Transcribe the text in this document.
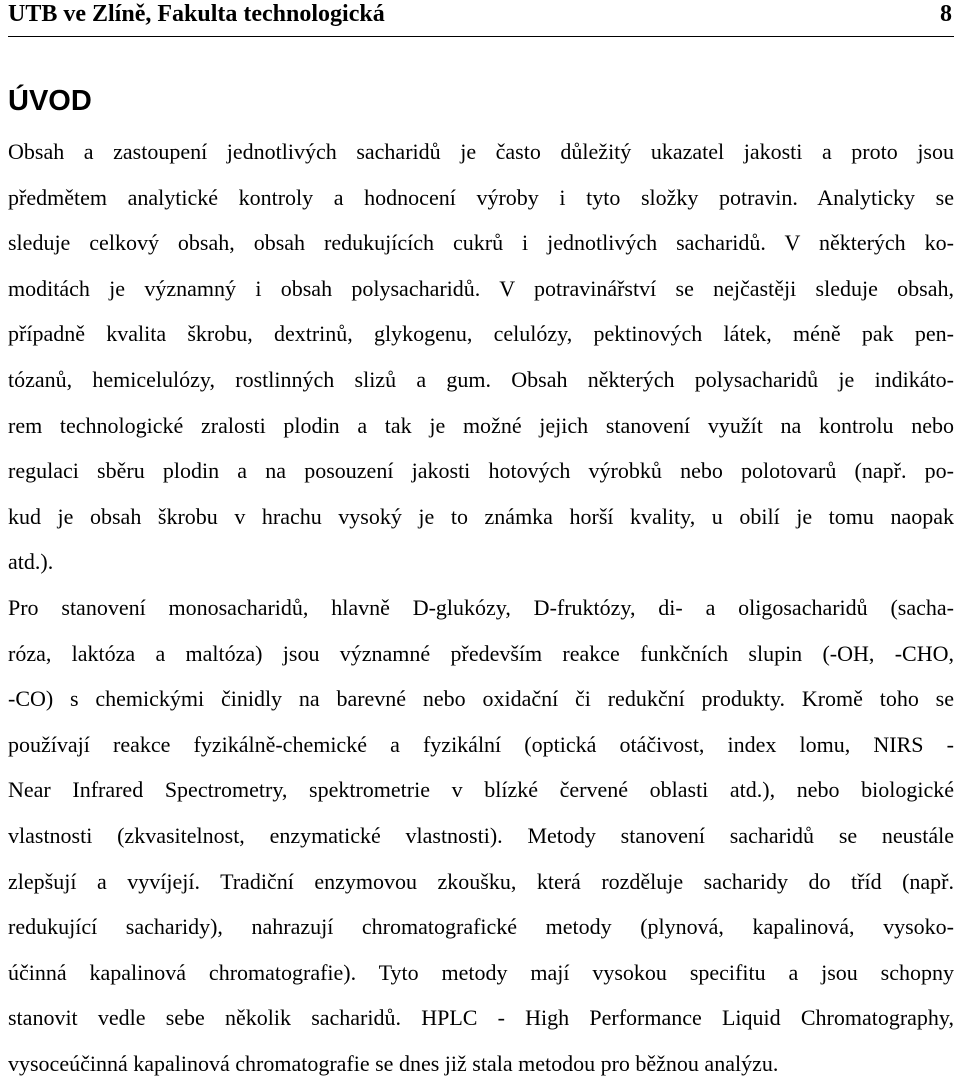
UTB ve Zlíně, Fakulta technologická	8
ÚVOD
Obsah a zastoupení jednotlivých sacharidů je často důležitý ukazatel jakosti a proto jsou
předmětem analytické kontroly a hodnocení výroby i tyto složky potravin. Analyticky se
sleduje celkový obsah, obsah redukujících cukrů i jednotlivých sacharidů. V některých ko-
moditách je významný i obsah polysacharidů. V potravinářství se nejčastěji sleduje obsah,
případně kvalita škrobu, dextrinů, glykogenu, celulózy, pektinových látek, méně pak pen-
tózanů, hemicelulózy, rostlinných slizů a gum. Obsah některých polysacharidů je indikáto-
rem technologické zralosti plodin a tak je možné jejich stanovení využít na kontrolu nebo
regulaci sběru plodin a na posouzení jakosti hotových výrobků nebo polotovarů (např. po-
kud je obsah škrobu v hrachu vysoký je to známka horší kvality, u obilí je tomu naopak
atd.).
Pro stanovení monosacharidů, hlavně D-glukózy, D-fruktózy, di- a oligosacharidů (sacha-
róza, laktóza a maltóza) jsou významné především reakce funkčních slupin (-OH, -CHO,
-CO) s chemickými činidly na barevné nebo oxidační či redukční produkty. Kromě toho se
používají reakce fyzikálně-chemické a fyzikální (optická otáčivost, index lomu, NIRS -
Near Infrared Spectrometry, spektrometrie v blízké červené oblasti atd.), nebo biologické
vlastnosti (zkvasitelnost, enzymatické vlastnosti). Metody stanovení sacharidů se neustále
zlepšují a vyvíjejí. Tradiční enzymovou zkoušku, která rozděluje sacharidy do tříd (např.
redukující sacharidy), nahrazují chromatografické metody (plynová, kapalinová, vysoko-
účinná kapalinová chromatografie). Tyto metody mají vysokou specifitu a jsou schopny
stanovit vedle sebe několik sacharidů. HPLC - High Performance Liquid Chromatography,
vysoceúčinná kapalinová chromatografie se dnes již stala metodou pro běžnou analýzu.
